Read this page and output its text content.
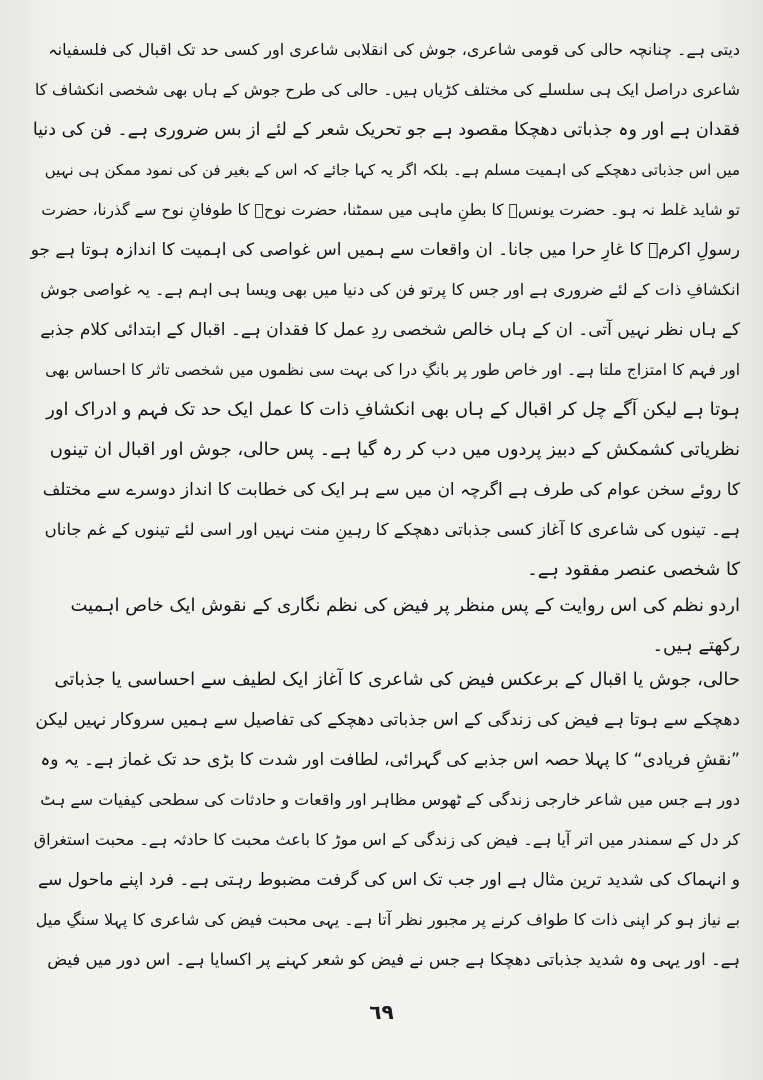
دیتی ہے۔ چنانچہ حالی کی قومی شاعری، جوش کی انقلابی شاعری اور کسی حد تک اقبال کی فلسفیانہ
شاعری دراصل ایک ہی سلسلے کی مختلف کڑیاں ہیں۔ حالی کی طرح جوش کے ہاں بھی شخصی انکشاف کا
فقدان ہے اور وہ جذباتی دھچکا مقصود ہے جو تحریک شعر کے لئے از بس ضروری ہے۔ فن کی دنیا
میں اس جذباتی دھچکے کی اہمیت مسلم ہے۔ بلکہ اگر یہ کہا جائے کہ اس کے بغیر فن کی نمود ممکن ہی نہیں
تو شاید غلط نہ ہو۔ حضرت یونسؑ کا بطنِ ماہی میں سمٹنا، حضرت نوحؑ کا طوفانِ نوح سے گذرنا، حضرت
رسولِ اکرمؐ کا غارِ حرا میں جانا۔ ان واقعات سے ہمیں اس غواصی کی اہمیت کا اندازہ ہوتا ہے جو
انکشافِ ذات کے لئے ضروری ہے اور جس کا پرتو فن کی دنیا میں بھی ویسا ہی اہم ہے۔ یہ غواصی جوش
کے ہاں نظر نہیں آتی۔ ان کے ہاں خالص شخصی ردِ عمل کا فقدان ہے۔ اقبال کے ابتدائی کلام جذبے
اور فہم کا امتزاج ملتا ہے۔ اور خاص طور پر بانگِ درا کی بہت سی نظموں میں شخصی تاثر کا احساس بھی
ہوتا ہے لیکن آگے چل کر اقبال کے ہاں بھی انکشافِ ذات کا عمل ایک حد تک فہم و ادراک اور
نظریاتی کشمکش کے دبیز پردوں میں دب کر رہ گیا ہے۔ پس حالی، جوش اور اقبال ان تینوں
کا روئے سخن عوام کی طرف ہے اگرچہ ان میں سے ہر ایک کی خطابت کا انداز دوسرے سے مختلف
ہے۔ تینوں کی شاعری کا آغاز کسی جذباتی دھچکے کا رہینِ منت نہیں اور اسی لئے تینوں کے غم جاناں
کا شخصی عنصر مفقود ہے۔
اردو نظم کی اس روایت کے پس منظر پر فیض کی نظم نگاری کے نقوش ایک خاص اہمیت
رکھتے ہیں۔
حالی، جوش یا اقبال کے برعکس فیض کی شاعری کا آغاز ایک لطیف سے احساسی یا جذباتی
دھچکے سے ہوتا ہے فیض کی زندگی کے اس جذباتی دھچکے کی تفاصیل سے ہمیں سروکار نہیں لیکن
”نقشِ فریادی“ کا پہلا حصہ اس جذبے کی گہرائی، لطافت اور شدت کا بڑی حد تک غماز ہے۔ یہ وہ
دور ہے جس میں شاعر خارجی زندگی کے ٹھوس مظاہر اور واقعات و حادثات کی سطحی کیفیات سے ہٹ
کر دل کے سمندر میں اتر آیا ہے۔ فیض کی زندگی کے اس موڑ کا باعث محبت کا حادثہ ہے۔ محبت استغراق
و انہماک کی شدید ترین مثال ہے اور جب تک اس کی گرفت مضبوط رہتی ہے۔ فرد اپنے ماحول سے
بے نیاز ہو کر اپنی ذات کا طواف کرنے پر مجبور نظر آتا ہے۔ یہی محبت فیض کی شاعری کا پہلا سنگِ میل
ہے۔ اور یہی وہ شدید جذباتی دھچکا ہے جس نے فیض کو شعر کہنے پر اکسایا ہے۔ اس دور میں فیض
٦٩
